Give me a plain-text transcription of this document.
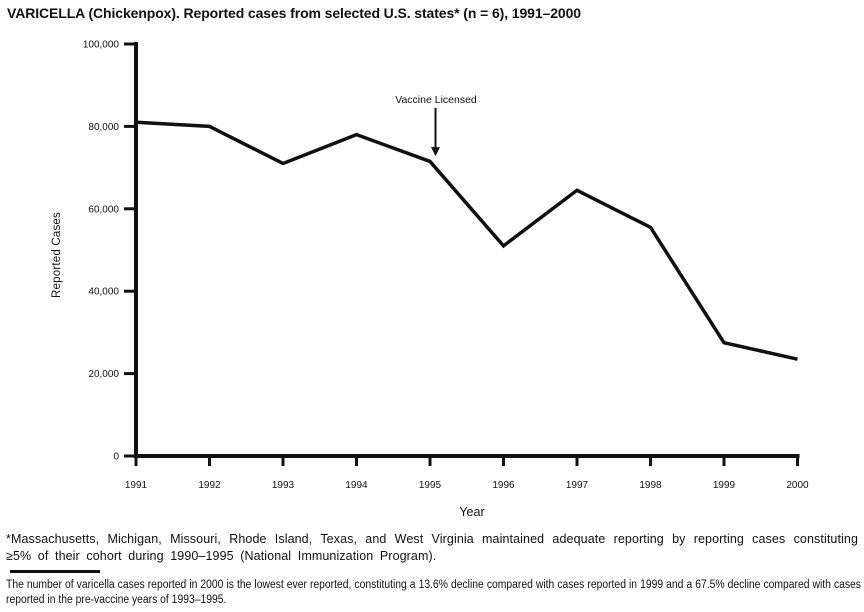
VARICELLA (Chickenpox). Reported cases from selected U.S. states* (n = 6), 1991–2000
0
20,000
40,000
60,000
80,000
100,000
1991	1992	1993	1994	1995	1996	1997	1998	1999	2000
Reported Cases
Year
Vaccine Licensed
*Massachusetts, Michigan, Missouri, Rhode Island, Texas, and West Virginia maintained adequate reporting by reporting cases constituting ≥5% of their cohort during 1990–1995 (National Immunization Program).
The number of varicella cases reported in 2000 is the lowest ever reported, constituting a 13.6% decline compared with cases reported in 1999 and a 67.5% decline compared with cases reported in the pre-vaccine years of 1993–1995.
